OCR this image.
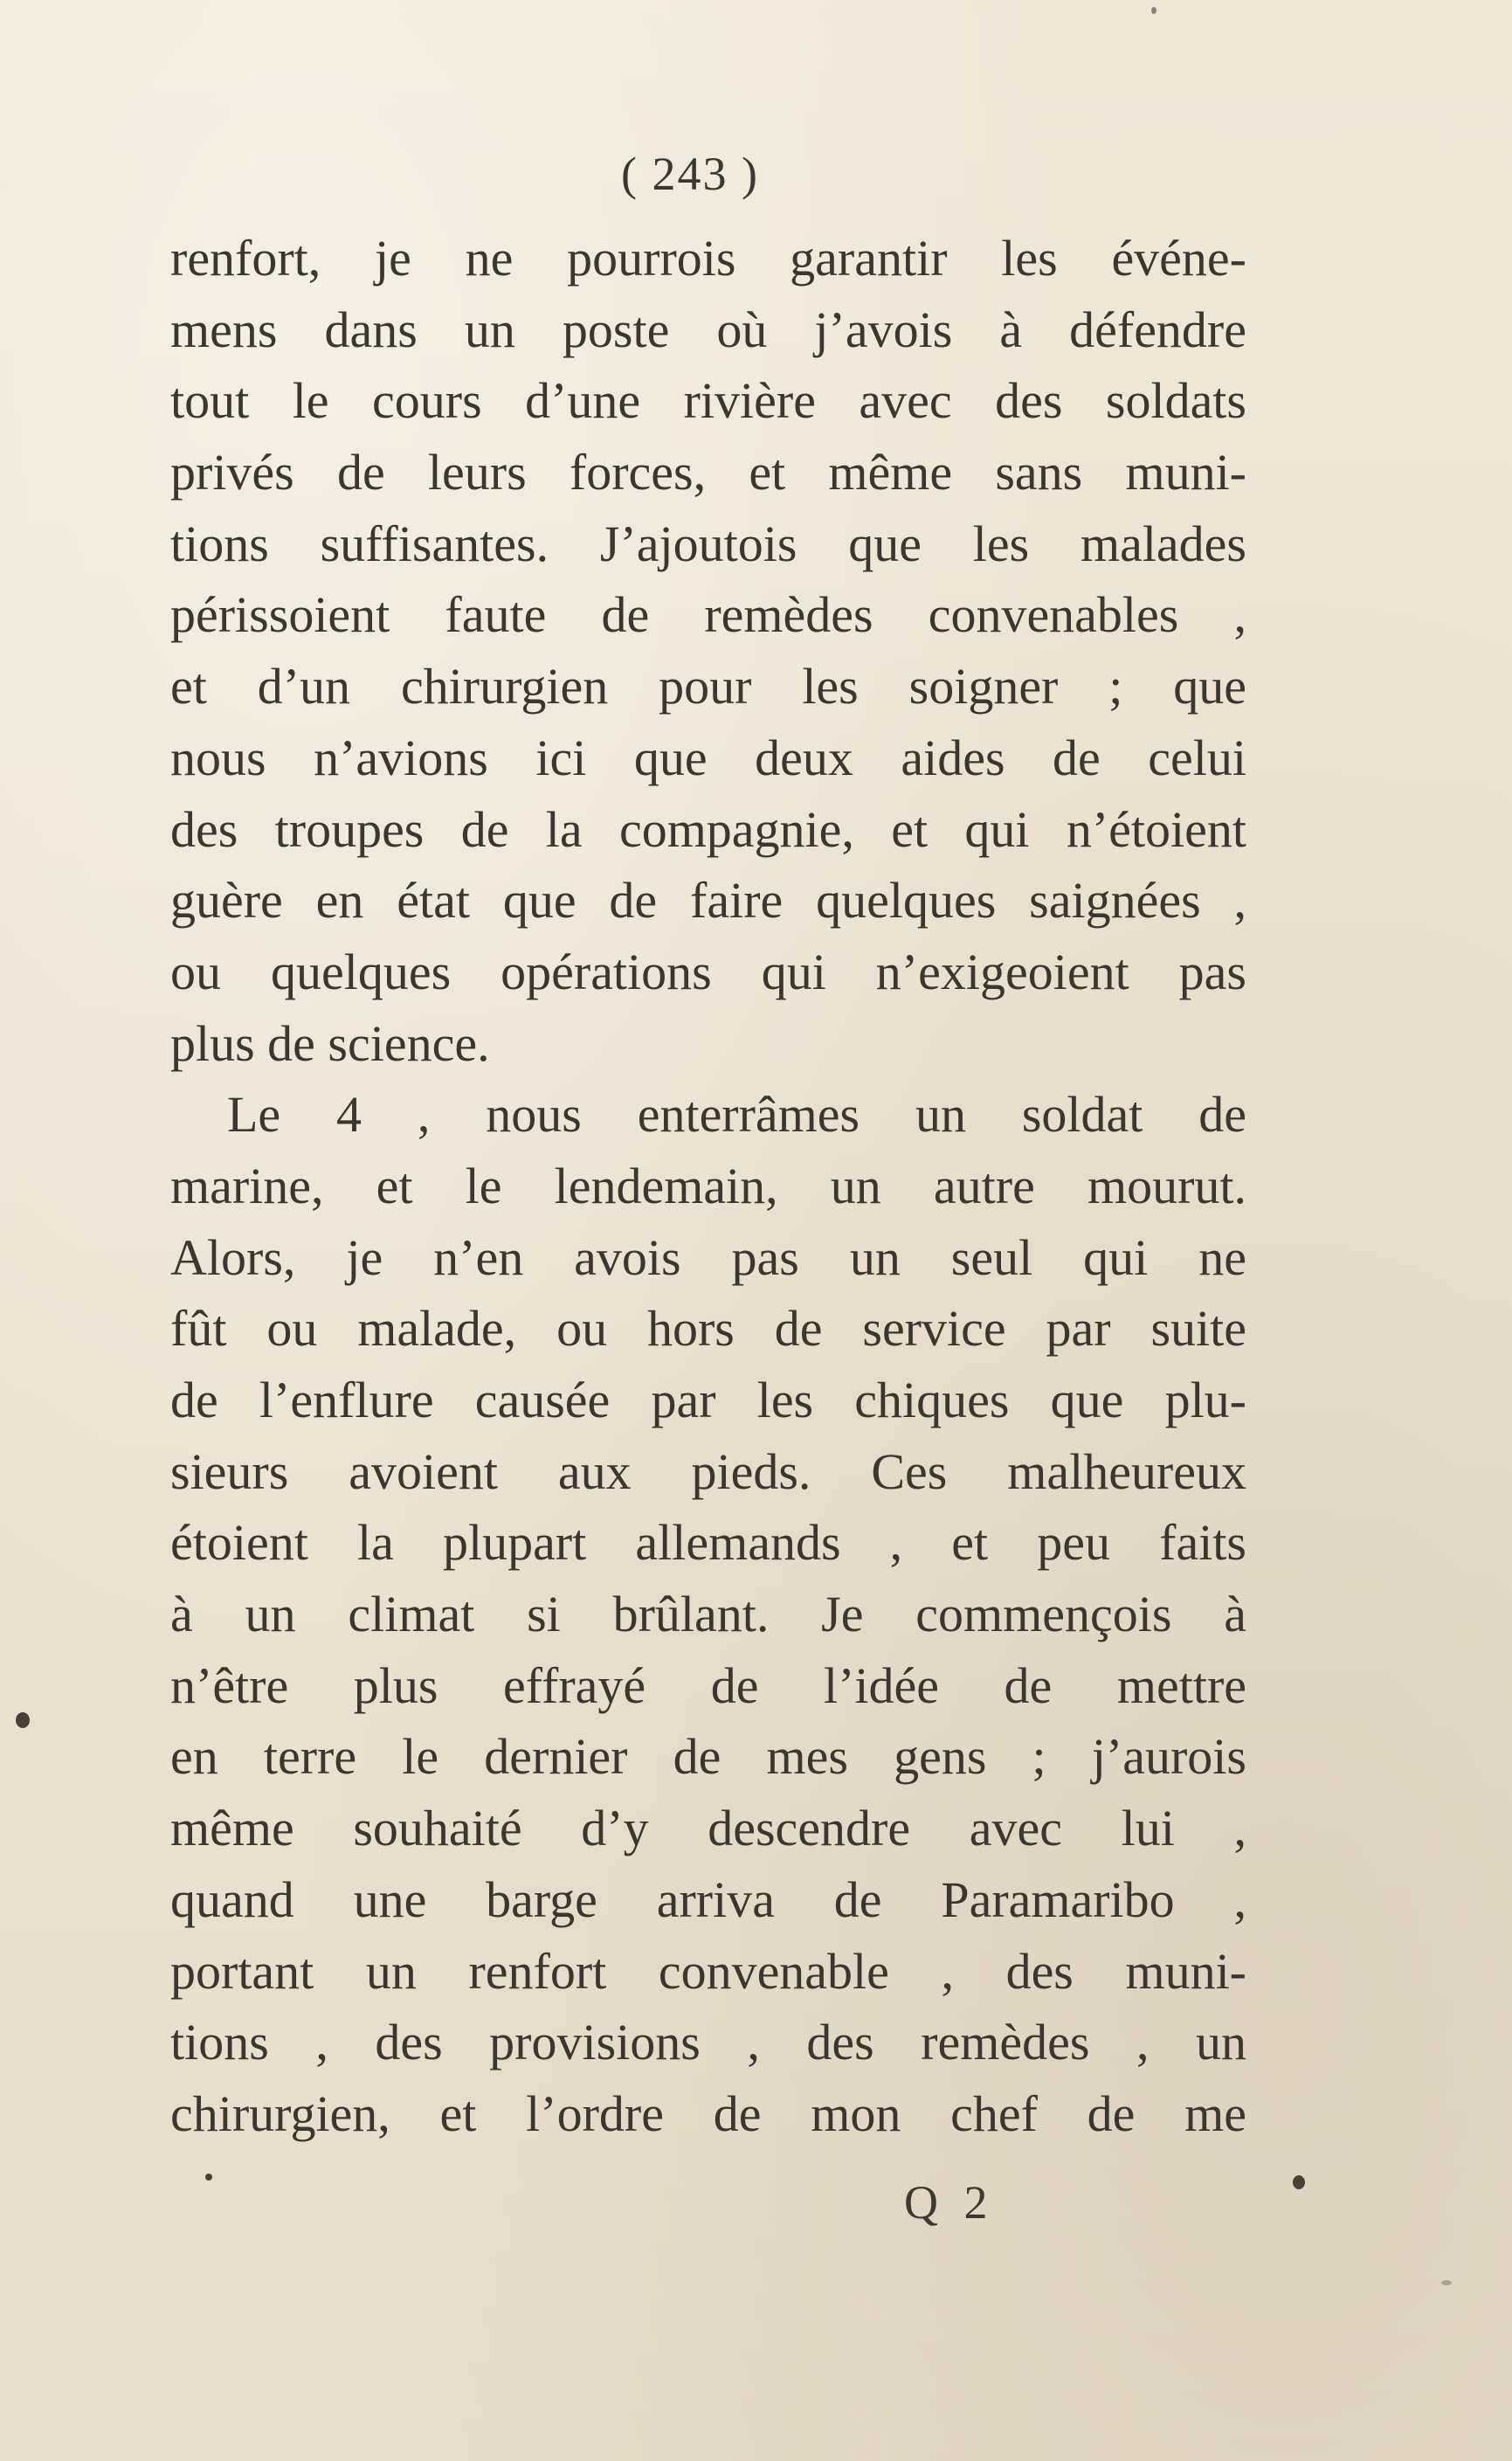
( 243 )
renfort, je ne pourrois garantir les événe-
mens dans un poste où j’avois à défendre
tout le cours d’une rivière avec des soldats
privés de leurs forces, et même sans muni-
tions suffisantes. J’ajoutois que les malades
périssoient faute de remèdes convenables ,
et d’un chirurgien pour les soigner ; que
nous n’avions ici que deux aides de celui
des troupes de la compagnie, et qui n’étoient
guère en état que de faire quelques saignées ,
ou quelques opérations qui n’exigeoient pas
plus de science.
Le 4 , nous enterrâmes un soldat de
marine, et le lendemain, un autre mourut.
Alors, je n’en avois pas un seul qui ne
fût ou malade, ou hors de service par suite
de l’enflure causée par les chiques que plu-
sieurs avoient aux pieds. Ces malheureux
étoient la plupart allemands , et peu faits
à un climat si brûlant. Je commençois à
n’être plus effrayé de l’idée de mettre
en terre le dernier de mes gens ; j’aurois
même souhaité d’y descendre avec lui ,
quand une barge arriva de Paramaribo ,
portant un renfort convenable , des muni-
tions , des provisions , des remèdes , un
chirurgien, et l’ordre de mon chef de me
Q 2
